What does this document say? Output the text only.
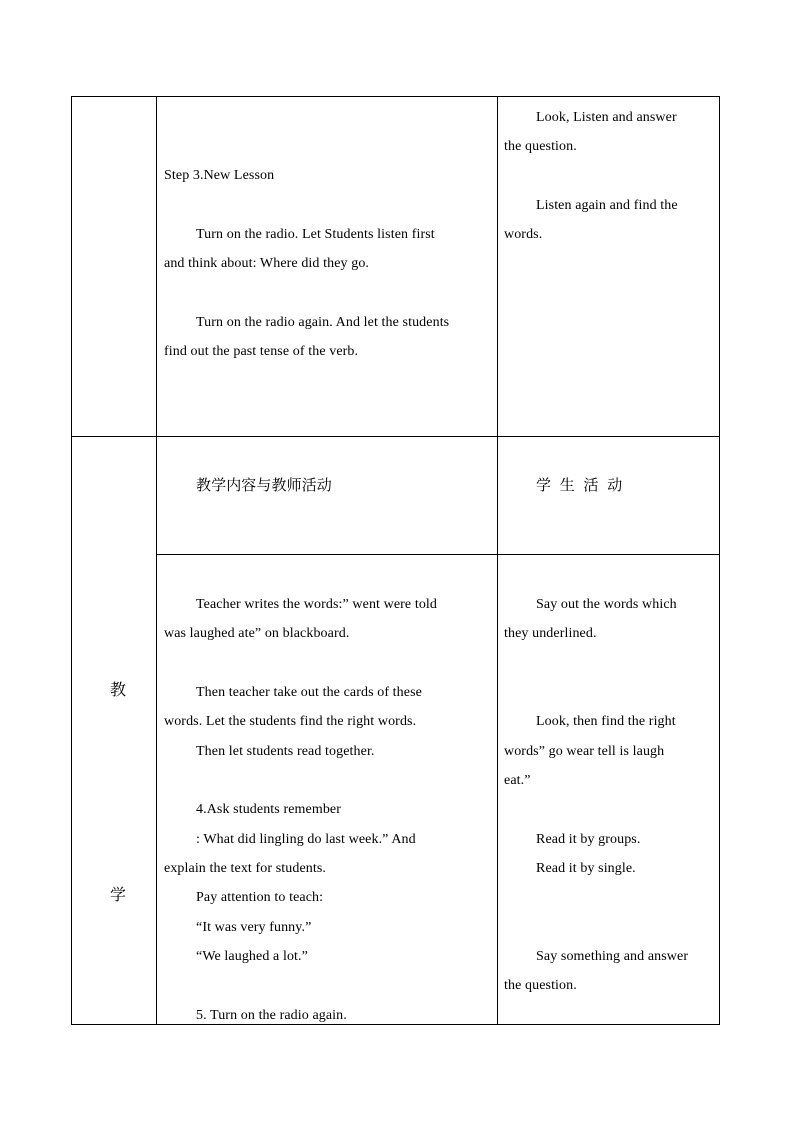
Step 3.New Lesson
Turn on the radio. Let Students listen first
and think about: Where did they go.
Turn on the radio again. And let the students
find out the past tense of the verb.
Look, Listen and answer
the question.
Listen again and find the
words.
教学内容与教师活动	学 生 活 动
教
学
Teacher writes the words:” went were told
was laughed ate” on blackboard.
Then teacher take out the cards of these
words. Let the students find the right words.
Then let students read together.
4.Ask students remember
: What did lingling do last week.” And
explain the text for students.
Pay attention to teach:
“It was very funny.”
“We laughed a lot.”
5. Turn on the radio again.
Say out the words which
they underlined.
Look, then find the right
words” go wear tell is laugh
eat.”
Read it by groups.
Read it by single.
Say something and answer
the question.
